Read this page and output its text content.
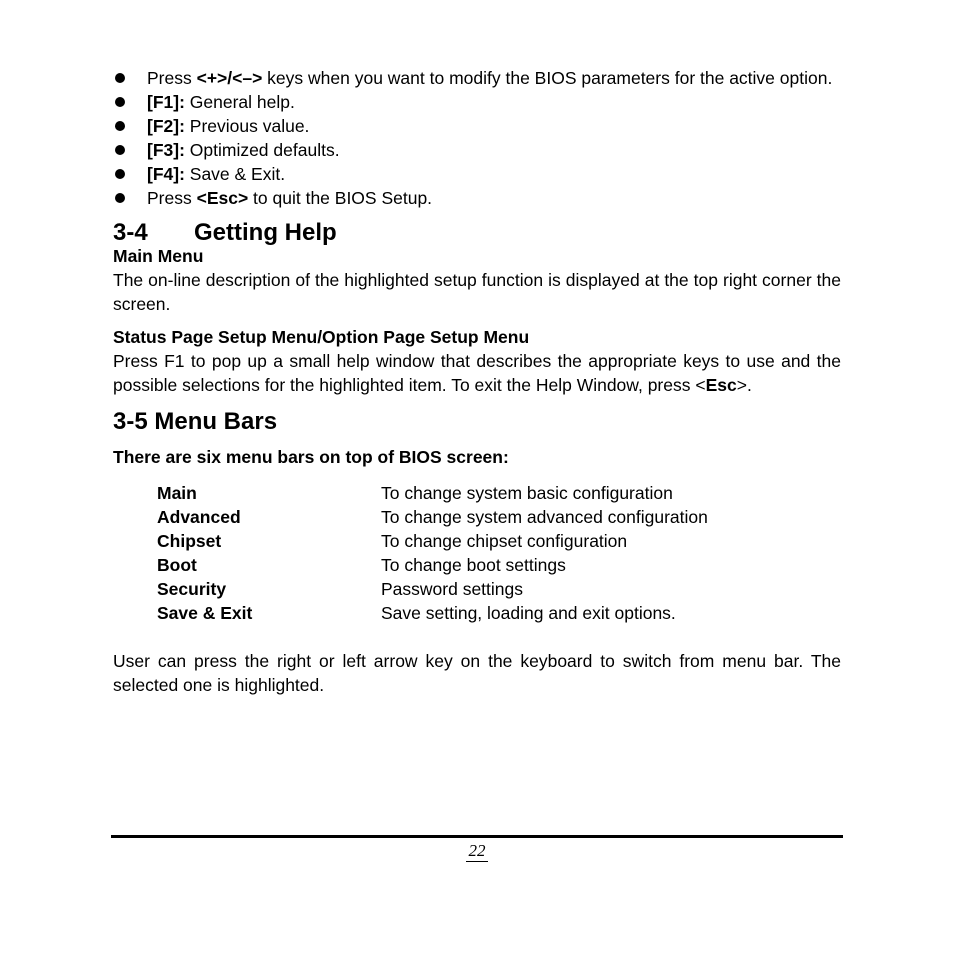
Press <+>/<–> keys when you want to modify the BIOS parameters for the active option.
[F1]: General help.
[F2]: Previous value.
[F3]: Optimized defaults.
[F4]: Save & Exit.
Press <Esc> to quit the BIOS Setup.
3-4 Getting Help
Main Menu

The on-line description of the highlighted setup function is displayed at the top right corner the screen.

Status Page Setup Menu/Option Page Setup Menu

Press F1 to pop up a small help window that describes the appropriate keys to use and the possible selections for the highlighted item. To exit the Help Window, press <Esc>.

3-5 Menu Bars
There are six menu bars on top of BIOS screen:
Main	To change system basic configuration
Advanced	To change system advanced configuration
Chipset	To change chipset configuration
Boot	To change boot settings
Security	Password settings
Save & Exit	Save setting, loading and exit options.

User can press the right or left arrow key on the keyboard to switch from menu bar. The selected one is highlighted.

22
